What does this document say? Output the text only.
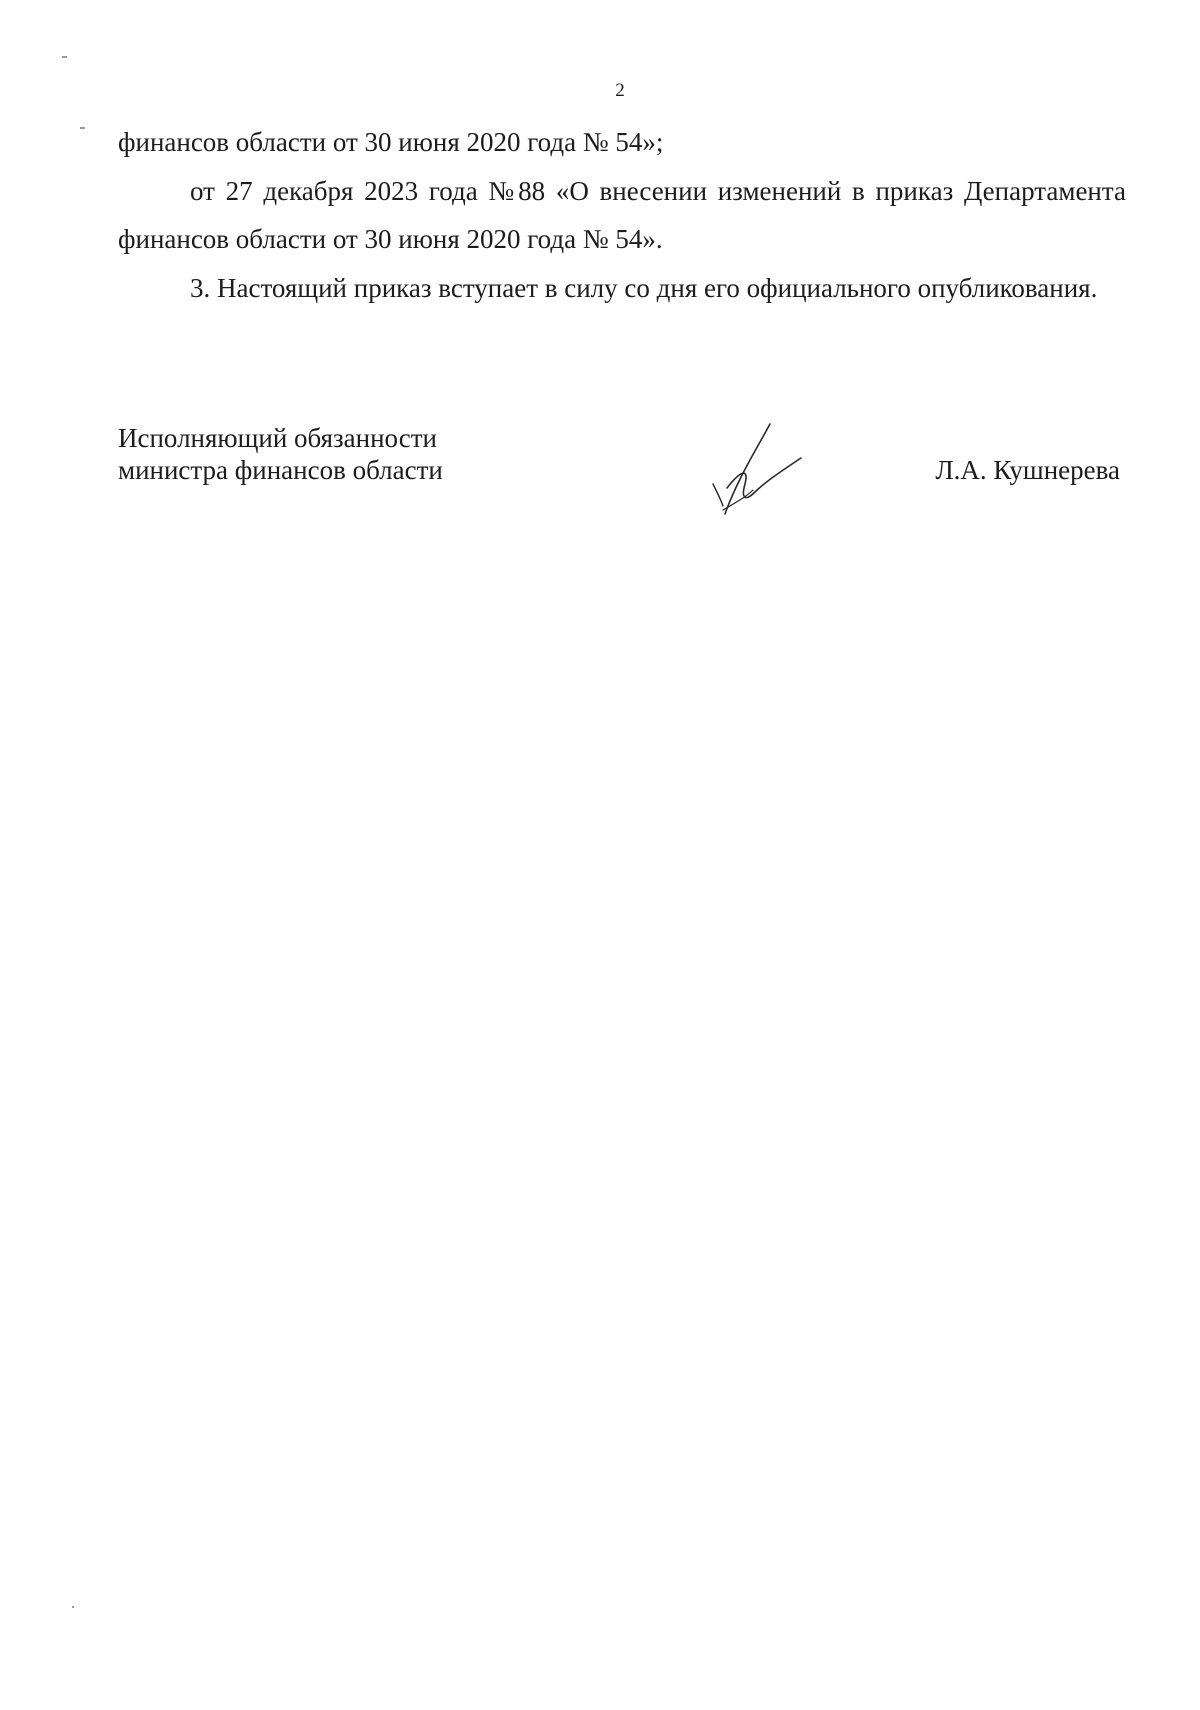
2

финансов области от 30 июня 2020 года № 54»;

от 27 декабря 2023 года №88 «О внесении изменений в приказ Департамента финансов области от 30 июня 2020 года № 54».

3. Настоящий приказ вступает в силу со дня его официального опубликования.

Исполняющий обязанности
министра финансов области	Л.А. Кушнерева
